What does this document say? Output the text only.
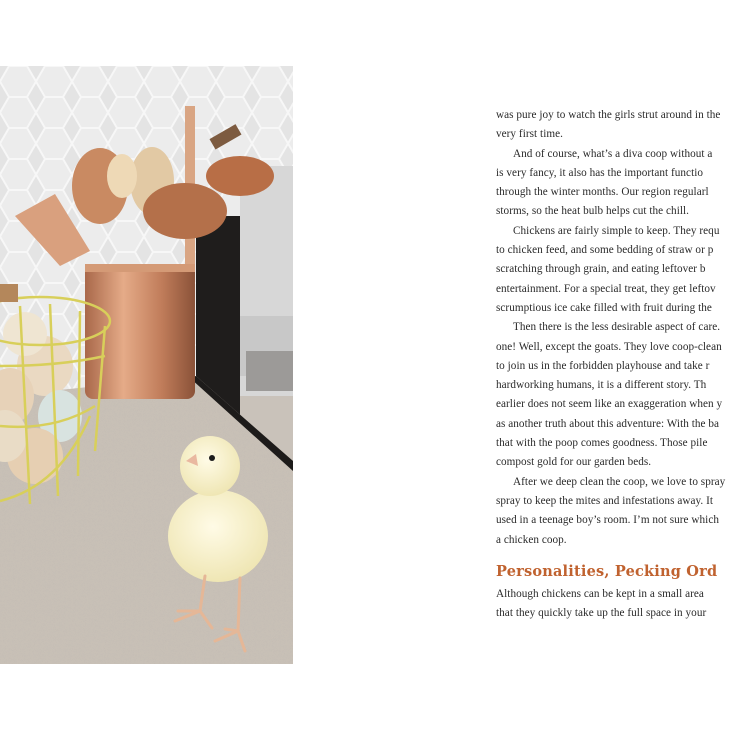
was pure joy to watch the girls strut around in the
very first time.
And of course, what’s a diva coop without a
is very fancy, it also has the important functio
through the winter months. Our region regularl
storms, so the heat bulb helps cut the chill.
Chickens are fairly simple to keep. They requ
to chicken feed, and some bedding of straw or p
scratching through grain, and eating leftover b
entertainment. For a special treat, they get leftov
scrumptious ice cake filled with fruit during the
Then there is the less desirable aspect of care.
one! Well, except the goats. They love coop-clean
to join us in the forbidden playhouse and take r
hardworking humans, it is a different story. Th
earlier does not seem like an exaggeration when y
as another truth about this adventure: With the ba
that with the poop comes goodness. Those pile
compost gold for our garden beds.
After we deep clean the coop, we love to spray
spray to keep the mites and infestations away. It
used in a teenage boy’s room. I’m not sure which
a chicken coop.
Personalities, Pecking Ord
Although chickens can be kept in a small area
that they quickly take up the full space in your
